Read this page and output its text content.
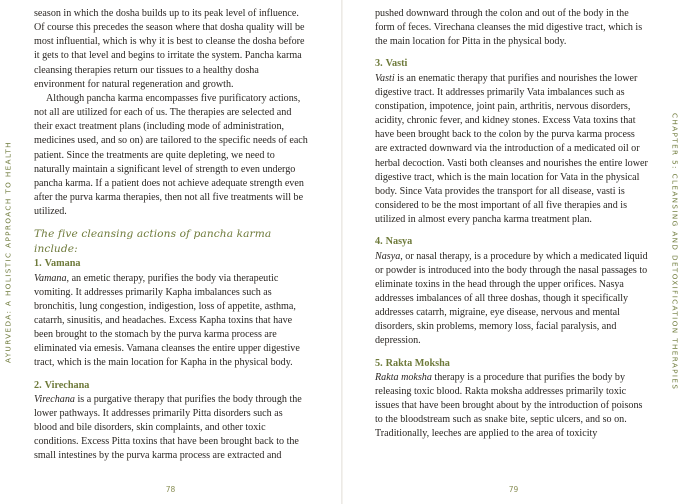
AYURVEDA: A HOLISTIC APPROACH TO HEALTH

season in which the dosha builds up to its peak level of influence. Of course this precedes the season where that dosha quality will be most influential, which is why it is best to cleanse the dosha before it gets to that level and begins to irritate the system. Pancha karma cleansing therapies return our tissues to a healthy dosha environment for natural regeneration and growth.

Although pancha karma encompasses five purificatory actions, not all are utilized for each of us. The therapies are selected and their exact treatment plans (including mode of administration, medicines used, and so on) are tailored to the specific needs of each patient. Since the treatments are quite depleting, we need to naturally maintain a significant level of strength to even undergo pancha karma. If a patient does not achieve adequate strength even after the purva karma therapies, then not all five treatments will be utilized.

The five cleansing actions of pancha karma include:

1. Vamana

Vamana, an emetic therapy, purifies the body via therapeutic vomiting. It addresses primarily Kapha imbalances such as bronchitis, lung congestion, indigestion, loss of appetite, asthma, catarrh, sinusitis, and headaches. Excess Kapha toxins that have been brought to the stomach by the purva karma process are eliminated via emesis. Vamana cleanses the entire upper digestive tract, which is the main location for Kapha in the physical body.

2. Virechana

Virechana is a purgative therapy that purifies the body through the lower pathways. It addresses primarily Pitta disorders such as blood and bile disorders, skin complaints, and other toxic conditions. Excess Pitta toxins that have been brought back to the small intestines by the purva karma process are extracted and

78

pushed downward through the colon and out of the body in the form of feces. Virechana cleanses the mid digestive tract, which is the main location for Pitta in the physical body.

3. Vasti

Vasti is an enematic therapy that purifies and nourishes the lower digestive tract. It addresses primarily Vata imbalances such as constipation, impotence, joint pain, arthritis, nervous disorders, acidity, chronic fever, and kidney stones. Excess Vata toxins that have been brought back to the colon by the purva karma process are extracted downward via the introduction of a medicated oil or herbal decoction. Vasti both cleanses and nourishes the entire lower digestive tract, which is the main location for Vata in the physical body. Since Vata provides the transport for all disease, vasti is considered to be the most important of all five therapies and is utilized in almost every pancha karma treatment plan.

4. Nasya

Nasya, or nasal therapy, is a procedure by which a medicated liquid or powder is introduced into the body through the nasal passages to eliminate toxins in the head through the upper orifices. Nasya addresses imbalances of all three doshas, though it specifically addresses catarrh, migraine, eye disease, nervous and mental disorders, skin problems, memory loss, facial paralysis, and depression.

5. Rakta Moksha

Rakta moksha therapy is a procedure that purifies the body by releasing toxic blood. Rakta moksha addresses primarily toxic issues that have been brought about by the introduction of poisons to the bloodstream such as snake bite, septic ulcers, and so on. Traditionally, leeches are applied to the area of toxicity

CHAPTER 5: CLEANSING AND DETOXIFICATION THERAPIES
79
